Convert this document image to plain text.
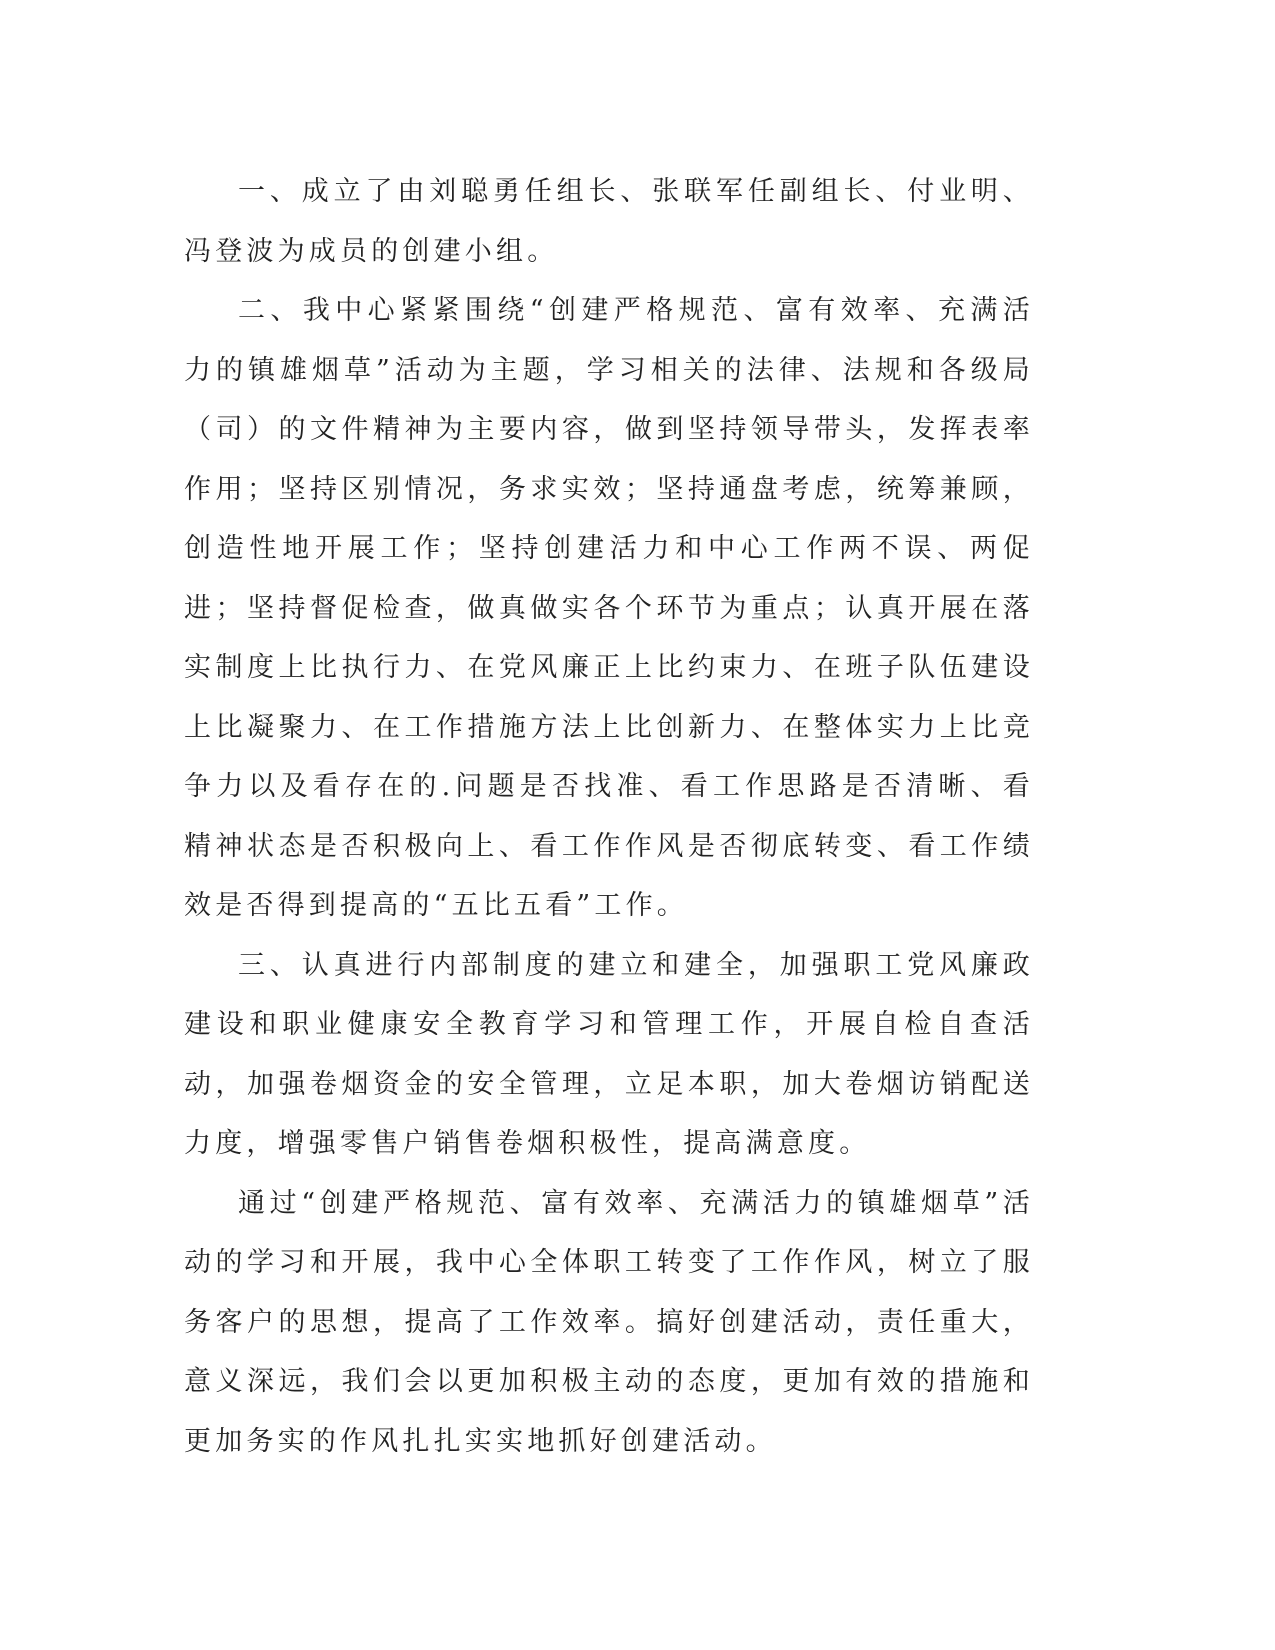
一、成立了由刘聪勇任组长、张联军任副组长、付业明、冯登波为成员的创建小组。

二、我中心紧紧围绕“创建严格规范、富有效率、充满活力的镇雄烟草”活动为主题，学习相关的法律、法规和各级局（司）的文件精神为主要内容，做到坚持领导带头，发挥表率作用；坚持区别情况，务求实效；坚持通盘考虑，统筹兼顾，创造性地开展工作；坚持创建活力和中心工作两不误、两促进；坚持督促检查，做真做实各个环节为重点；认真开展在落实制度上比执行力、在党风廉正上比约束力、在班子队伍建设上比凝聚力、在工作措施方法上比创新力、在整体实力上比竞争力以及看存在的.问题是否找准、看工作思路是否清晰、看精神状态是否积极向上、看工作作风是否彻底转变、看工作绩效是否得到提高的“五比五看”工作。

三、认真进行内部制度的建立和建全，加强职工党风廉政建设和职业健康安全教育学习和管理工作，开展自检自查活动，加强卷烟资金的安全管理，立足本职，加大卷烟访销配送力度，增强零售户销售卷烟积极性，提高满意度。

通过“创建严格规范、富有效率、充满活力的镇雄烟草”活动的学习和开展，我中心全体职工转变了工作作风，树立了服务客户的思想，提高了工作效率。搞好创建活动，责任重大，意义深远，我们会以更加积极主动的态度，更加有效的措施和更加务实的作风扎扎实实地抓好创建活动。
